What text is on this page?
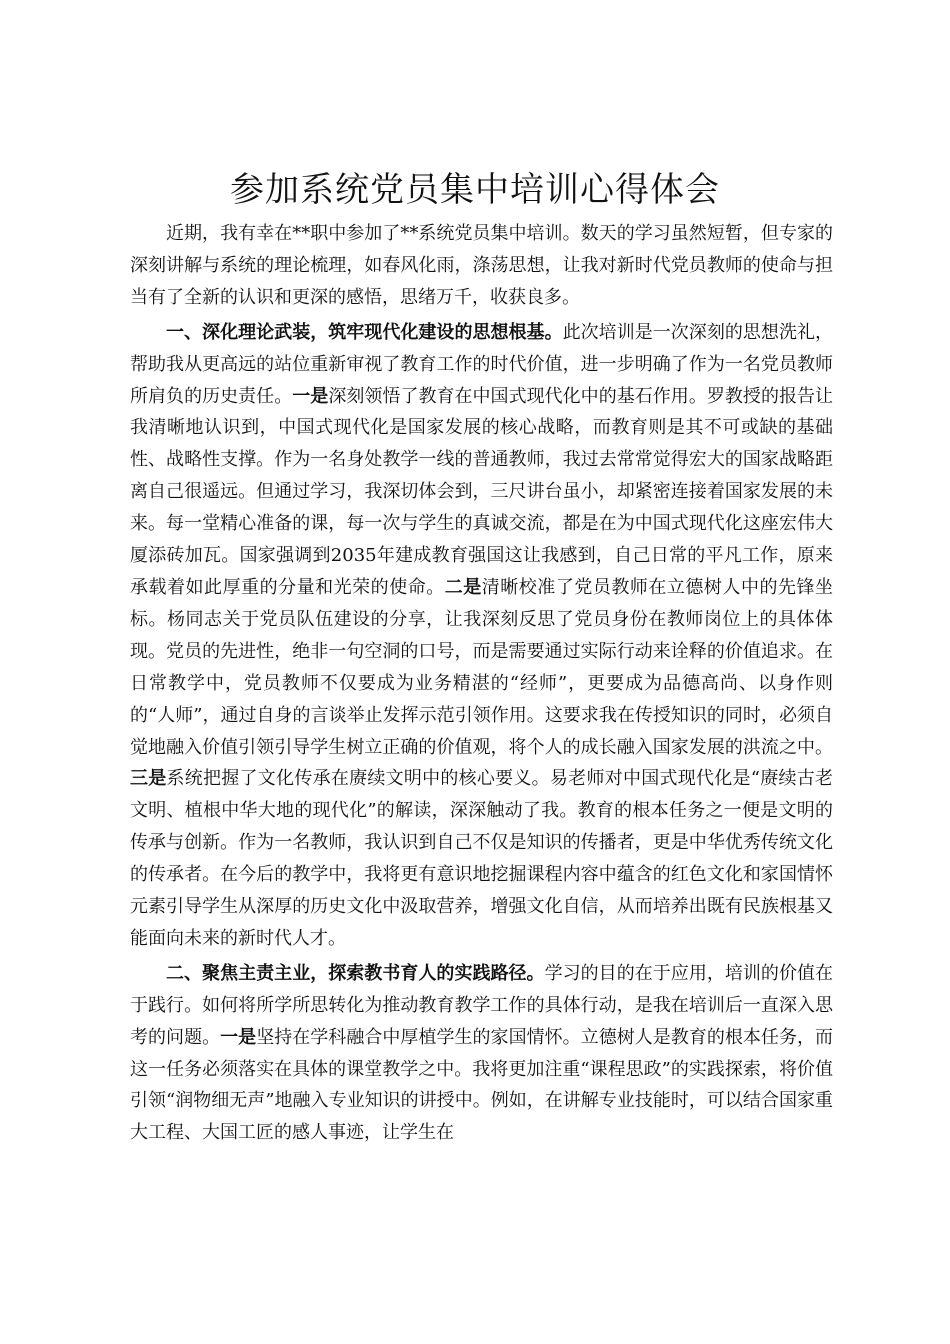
参加系统党员集中培训心得体会

近期，我有幸在**职中参加了**系统党员集中培训。数天的学习虽然短暂，但专家的深刻讲解与系统的理论梳理，如春风化雨，涤荡思想，让我对新时代党员教师的使命与担当有了全新的认识和更深的感悟，思绪万千，收获良多。

一、深化理论武装，筑牢现代化建设的思想根基。此次培训是一次深刻的思想洗礼，帮助我从更高远的站位重新审视了教育工作的时代价值，进一步明确了作为一名党员教师所肩负的历史责任。一是深刻领悟了教育在中国式现代化中的基石作用。罗教授的报告让我清晰地认识到，中国式现代化是国家发展的核心战略，而教育则是其不可或缺的基础性、战略性支撑。作为一名身处教学一线的普通教师，我过去常常觉得宏大的国家战略距离自己很遥远。但通过学习，我深切体会到，三尺讲台虽小，却紧密连接着国家发展的未来。每一堂精心准备的课，每一次与学生的真诚交流，都是在为中国式现代化这座宏伟大厦添砖加瓦。国家强调到2035年建成教育强国这让我感到，自己日常的平凡工作，原来承载着如此厚重的分量和光荣的使命。二是清晰校准了党员教师在立德树人中的先锋坐标。杨同志关于党员队伍建设的分享，让我深刻反思了党员身份在教师岗位上的具体体现。党员的先进性，绝非一句空洞的口号，而是需要通过实际行动来诠释的价值追求。在日常教学中，党员教师不仅要成为业务精湛的“经师”，更要成为品德高尚、以身作则的“人师”，通过自身的言谈举止发挥示范引领作用。这要求我在传授知识的同时，必须自觉地融入价值引领引导学生树立正确的价值观，将个人的成长融入国家发展的洪流之中。三是系统把握了文化传承在赓续文明中的核心要义。易老师对中国式现代化是“赓续古老文明、植根中华大地的现代化”的解读，深深触动了我。教育的根本任务之一便是文明的传承与创新。作为一名教师，我认识到自己不仅是知识的传播者，更是中华优秀传统文化的传承者。在今后的教学中，我将更有意识地挖掘课程内容中蕴含的红色文化和家国情怀元素引导学生从深厚的历史文化中汲取营养，增强文化自信，从而培养出既有民族根基又能面向未来的新时代人才。

二、聚焦主责主业，探索教书育人的实践路径。学习的目的在于应用，培训的价值在于践行。如何将所学所思转化为推动教育教学工作的具体行动，是我在培训后一直深入思考的问题。一是坚持在学科融合中厚植学生的家国情怀。立德树人是教育的根本任务，而这一任务必须落实在具体的课堂教学之中。我将更加注重“课程思政”的实践探索，将价值引领“润物细无声”地融入专业知识的讲授中。例如，在讲解专业技能时，可以结合国家重大工程、大国工匠的感人事迹，让学生在
